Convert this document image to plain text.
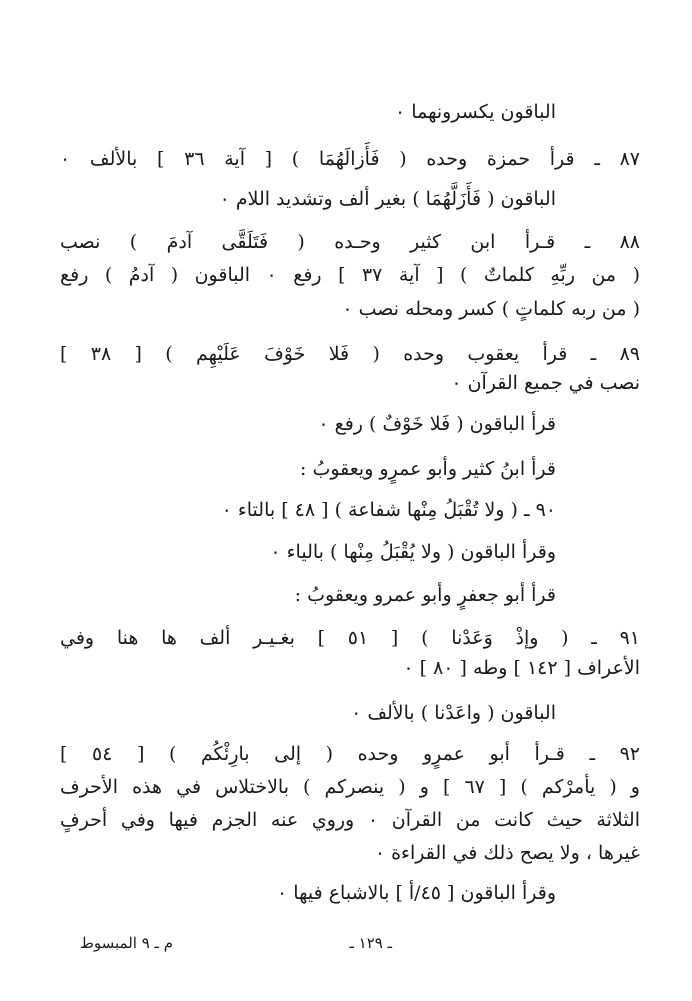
الباقون يكسرونهما ٠
٨٧ ـ قرأ حمزة وحده ( فَأَزالَهُمَا ) [ آية ٣٦ ] بالألف ٠
الباقون ( فَأَزَلَّهُمَا ) بغير ألف وتشديد اللام ٠
٨٨ ـ قـرأ ابن كثير وحـده ( فَتَلَقَّى آدمَ ) نصب
( من ربِّهِ كلماتٌ ) [ آية ٣٧ ] رفع ٠ الباقون ( آدمُ ) رفع
( من ربه كلماتٍ ) كسر ومحله نصب ٠
٨٩ ـ قرأ يعقوب وحده ( فَلا خَوْفَ عَلَيْهِم ) [ ٣٨ ]
نصب في جميع القرآن ٠
قرأ الباقون ( فَلا خَوْفٌ ) رفع ٠
قرأ ابنُ كثير وأبو عمرٍو ويعقوبُ :
٩٠ ـ ( ولا تُقْبَلُ مِنْها شفاعة ) [ ٤٨ ] بالتاء ٠
وقرأ الباقون ( ولا يُقْبَلُ مِنْها ) بالياء ٠
قرأ أبو جعفرٍ وأبو عمرو ويعقوبُ :
٩١ ـ ( وإذْ وَعَدْنا ) [ ٥١ ] بغـيـر ألف ها هنا وفي
الأعراف [ ١٤٢ ] وطه [ ٨٠ ] ٠
الباقون ( واعَدْنا ) بالألف ٠
٩٢ ـ قـرأ أبو عمرٍو وحده ( إلى بارِئْكُم ) [ ٥٤ ]
و ( يأمرْكم ) [ ٦٧ ] و ( ينصركم ) بالاختلاس في هذه الأحرف
الثلاثة حيث كانت من القرآن ٠ وروي عنه الجزم فيها وفي أحرفٍ
غيرها ، ولا يصح ذلك في القراءة ٠
وقرأ الباقون [ ٤٥/أ ] بالاشباع فيها ٠
ـ ١٢٩ ـ
م ـ ٩ المبسوط
